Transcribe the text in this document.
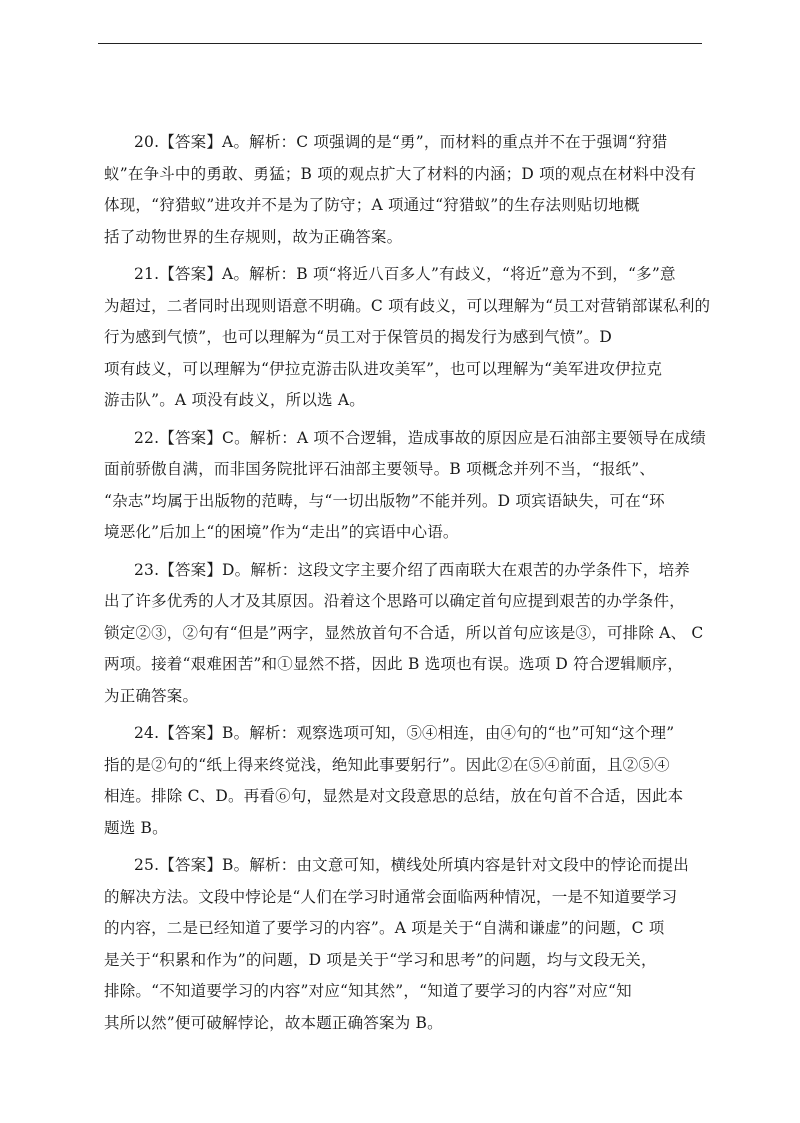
20.【答案】A。解析：C 项强调的是“勇”，而材料的重点并不在于强调“狩猎
蚁”在争斗中的勇敢、勇猛；B 项的观点扩大了材料的内涵；D 项的观点在材料中没有
体现，“狩猎蚁”进攻并不是为了防守；A 项通过“狩猎蚁”的生存法则贴切地概
括了动物世界的生存规则，故为正确答案。
21.【答案】A。解析：B 项“将近八百多人”有歧义，“将近”意为不到，“多”意
为超过，二者同时出现则语意不明确。C 项有歧义，可以理解为“员工对营销部谋私利的
行为感到气愤”，也可以理解为“员工对于保管员的揭发行为感到气愤”。D
项有歧义，可以理解为“伊拉克游击队进攻美军”，也可以理解为“美军进攻伊拉克
游击队”。A 项没有歧义，所以选 A。
22.【答案】C。解析：A 项不合逻辑，造成事故的原因应是石油部主要领导在成绩
面前骄傲自满，而非国务院批评石油部主要领导。B 项概念并列不当，“报纸”、
“杂志”均属于出版物的范畴，与“一切出版物”不能并列。D 项宾语缺失，可在“环
境恶化”后加上“的困境”作为“走出”的宾语中心语。
23.【答案】D。解析：这段文字主要介绍了西南联大在艰苦的办学条件下，培养
出了许多优秀的人才及其原因。沿着这个思路可以确定首句应提到艰苦的办学条件，
锁定②③，②句有“但是”两字，显然放首句不合适，所以首句应该是③，可排除 A、 C
两项。接着“艰难困苦”和①显然不搭，因此 B 选项也有误。选项 D 符合逻辑顺序，
为正确答案。
24.【答案】B。解析：观察选项可知，⑤④相连，由④句的“也”可知“这个理”
指的是②句的“纸上得来终觉浅，绝知此事要躬行”。因此②在⑤④前面，且②⑤④
相连。排除 C、D。再看⑥句，显然是对文段意思的总结，放在句首不合适，因此本
题选 B。
25.【答案】B。解析：由文意可知，横线处所填内容是针对文段中的悖论而提出
的解决方法。文段中悖论是“人们在学习时通常会面临两种情况，一是不知道要学习
的内容，二是已经知道了要学习的内容”。A 项是关于“自满和谦虚”的问题，C 项
是关于“积累和作为”的问题，D 项是关于“学习和思考”的问题，均与文段无关，
排除。“不知道要学习的内容”对应“知其然”，“知道了要学习的内容”对应“知
其所以然”便可破解悖论，故本题正确答案为 B。
